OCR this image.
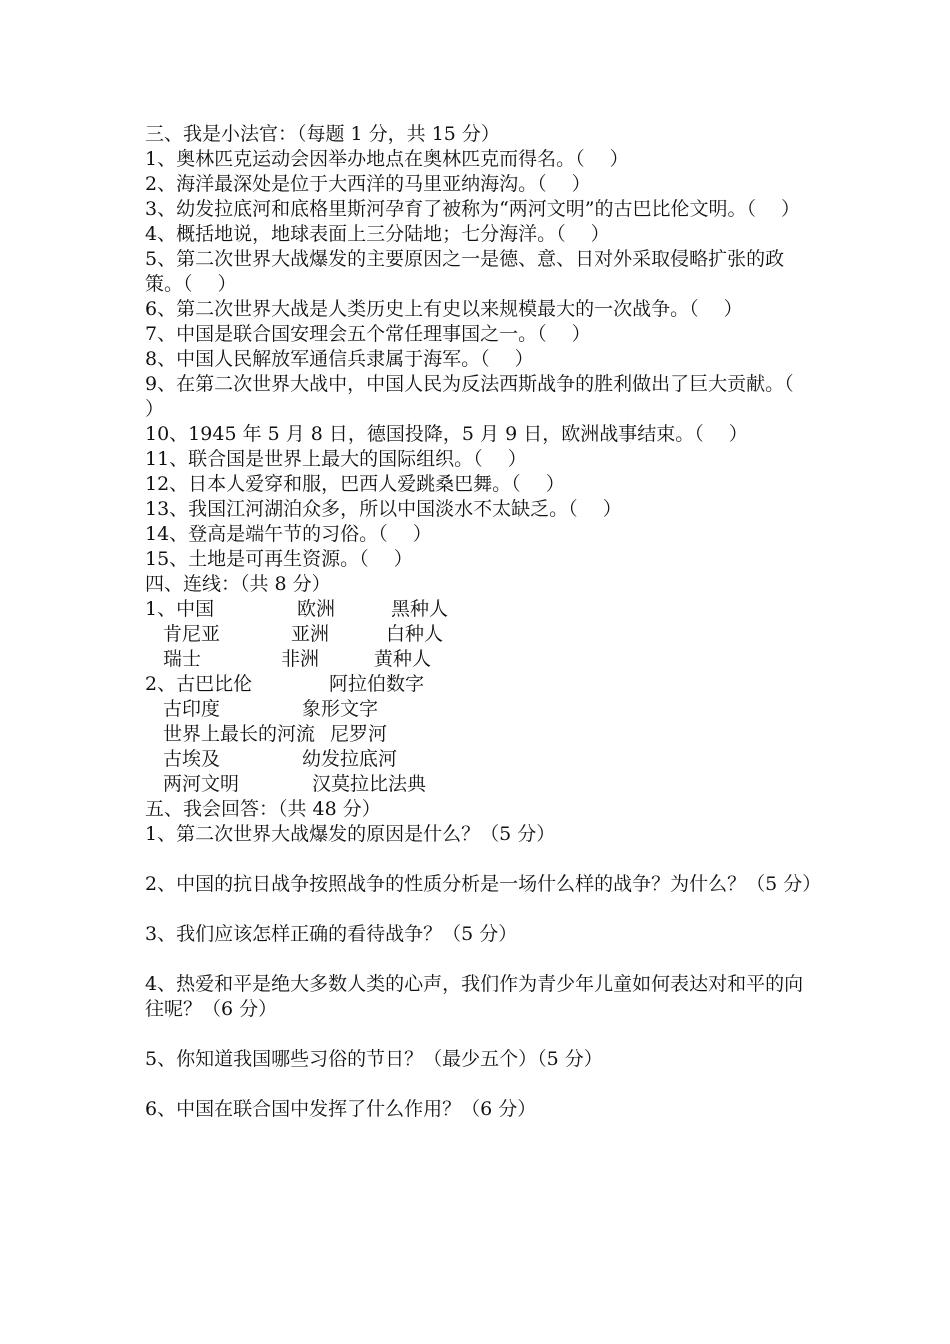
三、我是小法官：（每题 1 分，共 15 分）
1、奥林匹克运动会因举办地点在奥林匹克而得名。（　 ）
2、海洋最深处是位于大西洋的马里亚纳海沟。（　 ）
3、幼发拉底河和底格里斯河孕育了被称为“两河文明”的古巴比伦文明。（　 ）
4、概括地说，地球表面上三分陆地；七分海洋。（　 ）
5、第二次世界大战爆发的主要原因之一是德、意、日对外采取侵略扩张的政策。（　 ）
6、第二次世界大战是人类历史上有史以来规模最大的一次战争。（　 ）
7、中国是联合国安理会五个常任理事国之一。（　 ）
8、中国人民解放军通信兵隶属于海军。（　 ）
9、在第二次世界大战中，中国人民为反法西斯战争的胜利做出了巨大贡献。（　 ）
10、1945 年 5 月 8 日，德国投降，5 月 9 日，欧洲战事结束。（　 ）
11、联合国是世界上最大的国际组织。（　 ）
12、日本人爱穿和服，巴西人爱跳桑巴舞。（　 ）
13、我国江河湖泊众多，所以中国淡水不太缺乏。（　 ）
14、登高是端午节的习俗。（　 ）
15、土地是可再生资源。（　 ）
四、连线：（共 8 分）
1、中国	欧洲	黑种人
肯尼亚	亚洲	白种人
瑞士	非洲	黄种人
2、古巴比伦	阿拉伯数字
古印度	象形文字
世界上最长的河流 尼罗河
古埃及	幼发拉底河
两河文明	汉莫拉比法典
五、我会回答：（共 48 分）
1、第二次世界大战爆发的原因是什么？（5 分）
2、中国的抗日战争按照战争的性质分析是一场什么样的战争？为什么？（5 分）
3、我们应该怎样正确的看待战争？（5 分）
4、热爱和平是绝大多数人类的心声，我们作为青少年儿童如何表达对和平的向往呢？（6 分）
5、你知道我国哪些习俗的节日？（最少五个）（5 分）
6、中国在联合国中发挥了什么作用？（6 分）
